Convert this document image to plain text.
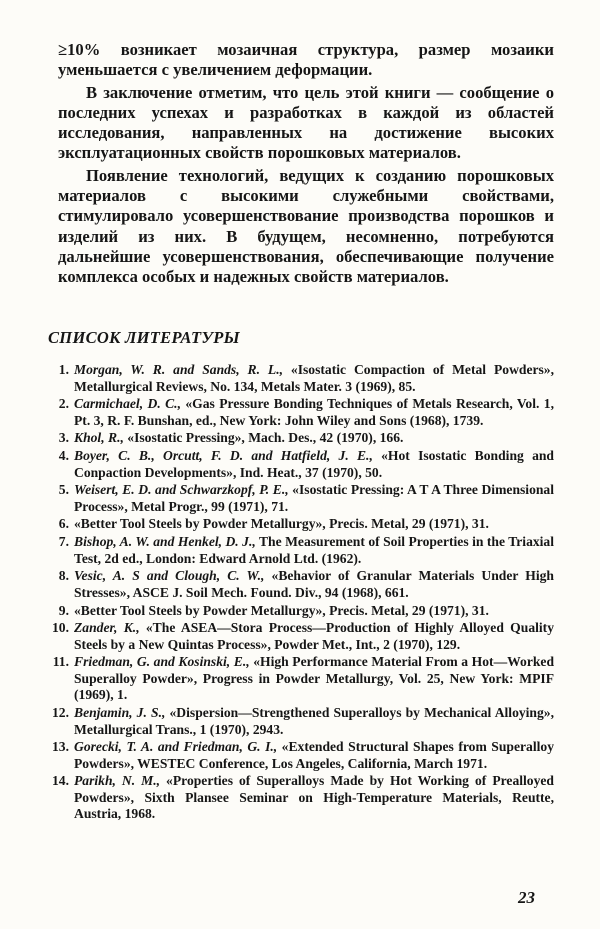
≥10% возникает мозаичная структура, размер мозаики уменьшается с увеличением деформации.

В заключение отметим, что цель этой книги — сообщение о последних успехах и разработках в каждой из областей исследования, направленных на достижение высоких эксплуатационных свойств порошковых материалов.

Появление технологий, ведущих к созданию порошковых материалов с высокими служебными свойствами, стимулировало усовершенствование производства порошков и изделий из них. В будущем, несомненно, потребуются дальнейшие усовершенствования, обеспечивающие получение комплекса особых и надежных свойств материалов.

СПИСОК ЛИТЕРАТУРЫ
1. Morgan, W. R. and Sands, R. L., «Isostatic Compaction of Metal Powders», Metallurgical Reviews, No. 134, Metals Mater. 3 (1969), 85.
2. Carmichael, D. C., «Gas Pressure Bonding Techniques of Metals Research, Vol. 1, Pt. 3, R. F. Bunshan, ed., New York: John Wiley and Sons (1968), 1739.
3. Khol, R., «Isostatic Pressing», Mach. Des., 42 (1970), 166.
4. Boyer, C. B., Orcutt, F. D. and Hatfield, J. E., «Hot Isostatic Bonding and Conpaction Developments», Ind. Heat., 37 (1970), 50.
5. Weisert, E. D. and Schwarzkopf, P. E., «Isostatic Pressing: A T A Three Dimensional Process», Metal Progr., 99 (1971), 71.
6. «Better Tool Steels by Powder Metallurgy», Precis. Metal, 29 (1971), 31.
7. Bishop, A. W. and Henkel, D. J., The Measurement of Soil Properties in the Triaxial Test, 2d ed., London: Edward Arnold Ltd. (1962).
8. Vesic, A. S and Clough, C. W., «Behavior of Granular Materials Under High Stresses», ASCE J. Soil Mech. Found. Div., 94 (1968), 661.
9. «Better Tool Steels by Powder Metallurgy», Precis. Metal, 29 (1971), 31.
10. Zander, K., «The ASEA—Stora Process—Production of Highly Alloyed Quality Steels by a New Quintas Process», Powder Met., Int., 2 (1970), 129.
11. Friedman, G. and Kosinski, E., «High Performance Material From a Hot—Worked Superalloy Powder», Progress in Powder Metallurgy, Vol. 25, New York: MPIF (1969), 1.
12. Benjamin, J. S., «Dispersion—Strengthened Superalloys by Mechanical Alloying», Metallurgical Trans., 1 (1970), 2943.
13. Gorecki, T. A. and Friedman, G. I., «Extended Structural Shapes from Superalloy Powders», WESTEC Conference, Los Angeles, California, March 1971.
14. Parikh, N. M., «Properties of Superalloys Made by Hot Working of Prealloyed Powders», Sixth Plansee Seminar on High-Temperature Materials, Reutte, Austria, 1968.
23
